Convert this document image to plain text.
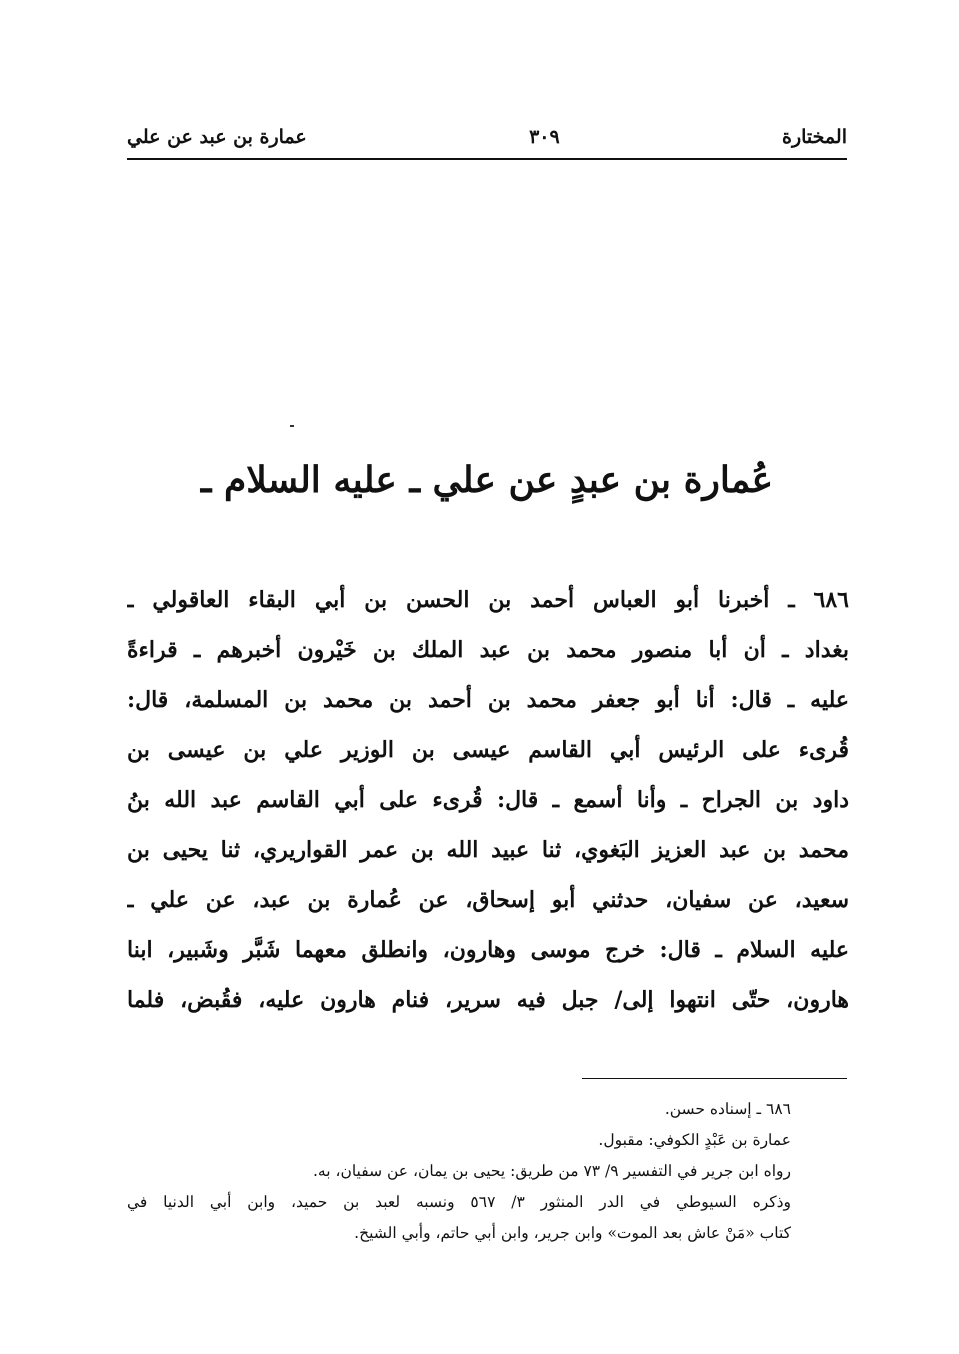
المختارة
٣٠٩
عمارة بن عبد عن علي
عُمارة بن عبدٍ عن علي ـ عليه السلام ـ
٦٨٦ ـ أخبرنا أبو العباس أحمد بن الحسن بن أبي البقاء العاقولي ـ
بغداد ـ أن أبا منصور محمد بن عبد الملك بن خَيْرون أخبرهم ـ قراءةً
عليه ـ قال: أنا أبو جعفر محمد بن أحمد بن محمد بن المسلمة، قال:
قُرىء على الرئيس أبي القاسم عيسى بن الوزير علي بن عيسى بن
داود بن الجراح ـ وأنا أسمع ـ قال: قُرىء على أبي القاسم عبد الله بنُ
محمد بن عبد العزيز البَغوي، ثنا عبيد الله بن عمر القواريري، ثنا يحيى بن
سعيد، عن سفيان، حدثني أبو إسحاق، عن عُمارة بن عبد، عن علي ـ
عليه السلام ـ قال: خرج موسى وهارون، وانطلق معهما شَبَّر وشَبير، ابنا
هارون، حتّى انتهوا إلى/ جبل فيه سرير، فنام هارون عليه، فقُبض، فلما
٦٨٦ ـ إسناده حسن.
عمارة بن عَبْدٍ الكوفي: مقبول.
رواه ابن جرير في التفسير ٩/ ٧٣ من طريق: يحيى بن يمان، عن سفيان، به.
وذكره السيوطي في الدر المنثور ٣/ ٥٦٧ ونسبه لعبد بن حميد، وابن أبي الدنيا في
كتاب «مَنْ عاش بعد الموت» وابن جرير، وابن أبي حاتم، وأبي الشيخ.
